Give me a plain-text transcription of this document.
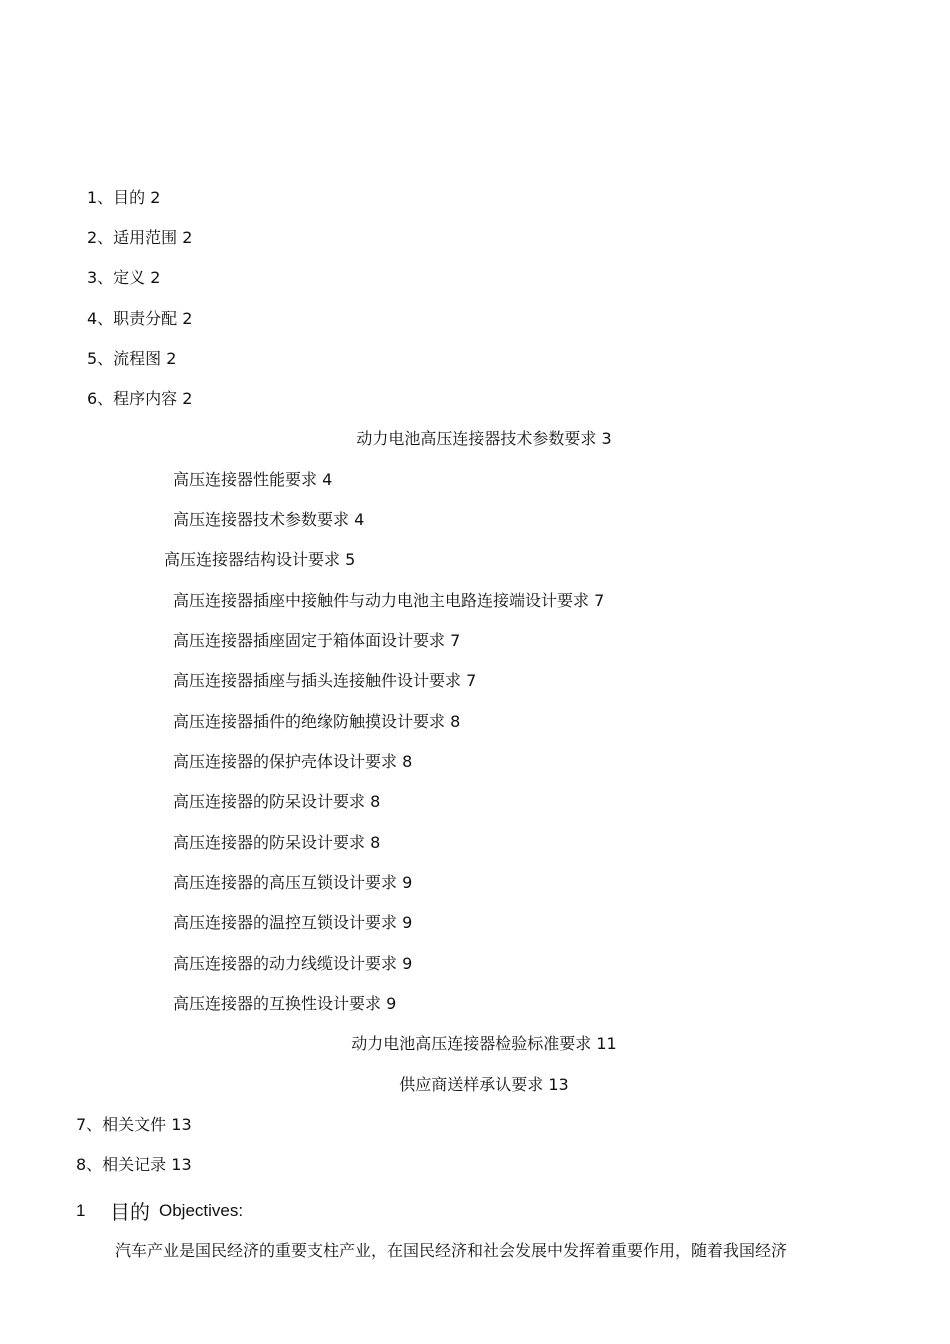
1、目的 2
2、适用范围 2
3、定义 2
4、职责分配 2
5、流程图 2
6、程序内容 2
动力电池高压连接器技术参数要求 3
高压连接器性能要求 4
高压连接器技术参数要求 4
高压连接器结构设计要求 5
高压连接器插座中接触件与动力电池主电路连接端设计要求 7
高压连接器插座固定于箱体面设计要求 7
高压连接器插座与插头连接触件设计要求 7
高压连接器插件的绝缘防触摸设计要求 8
高压连接器的保护壳体设计要求 8
高压连接器的防呆设计要求 8
高压连接器的防呆设计要求 8
高压连接器的高压互锁设计要求 9
高压连接器的温控互锁设计要求 9
高压连接器的动力线缆设计要求 9
高压连接器的互换性设计要求 9
动力电池高压连接器检验标准要求 11
供应商送样承认要求 13
7、相关文件 13
8、相关记录 13
1 目的 Objectives:
汽车产业是国民经济的重要支柱产业，在国民经济和社会发展中发挥着重要作用，随着我国经济
